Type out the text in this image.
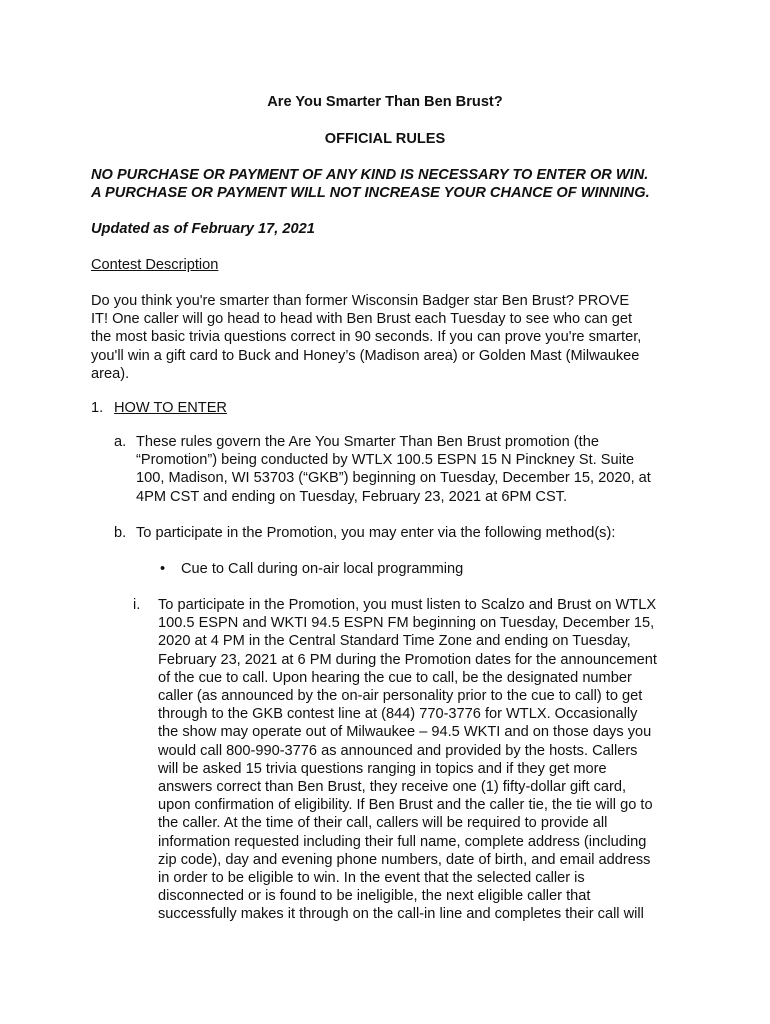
Are You Smarter Than Ben Brust?
OFFICIAL RULES
NO PURCHASE OR PAYMENT OF ANY KIND IS NECESSARY TO ENTER OR WIN.
A PURCHASE OR PAYMENT WILL NOT INCREASE YOUR CHANCE OF WINNING.
Updated as of February 17, 2021
Contest Description
Do you think you're smarter than former Wisconsin Badger star Ben Brust? PROVE
IT! One caller will go head to head with Ben Brust each Tuesday to see who can get
the most basic trivia questions correct in 90 seconds. If you can prove you're smarter,
you'll win a gift card to Buck and Honey’s (Madison area) or Golden Mast (Milwaukee
area).
1. HOW TO ENTER
a. These rules govern the Are You Smarter Than Ben Brust promotion (the
“Promotion”) being conducted by WTLX 100.5 ESPN 15 N Pinckney St. Suite
100, Madison, WI 53703 (“GKB”) beginning on Tuesday, December 15, 2020, at
4PM CST and ending on Tuesday, February 23, 2021 at 6PM CST.
b. To participate in the Promotion, you may enter via the following method(s):
• Cue to Call during on-air local programming
i. To participate in the Promotion, you must listen to Scalzo and Brust on WTLX
100.5 ESPN and WKTI 94.5 ESPN FM beginning on Tuesday, December 15,
2020 at 4 PM in the Central Standard Time Zone and ending on Tuesday,
February 23, 2021 at 6 PM during the Promotion dates for the announcement
of the cue to call. Upon hearing the cue to call, be the designated number
caller (as announced by the on-air personality prior to the cue to call) to get
through to the GKB contest line at (844) 770-3776 for WTLX. Occasionally
the show may operate out of Milwaukee – 94.5 WKTI and on those days you
would call 800-990-3776 as announced and provided by the hosts. Callers
will be asked 15 trivia questions ranging in topics and if they get more
answers correct than Ben Brust, they receive one (1) fifty-dollar gift card,
upon confirmation of eligibility. If Ben Brust and the caller tie, the tie will go to
the caller. At the time of their call, callers will be required to provide all
information requested including their full name, complete address (including
zip code), day and evening phone numbers, date of birth, and email address
in order to be eligible to win. In the event that the selected caller is
disconnected or is found to be ineligible, the next eligible caller that
successfully makes it through on the call-in line and completes their call will
